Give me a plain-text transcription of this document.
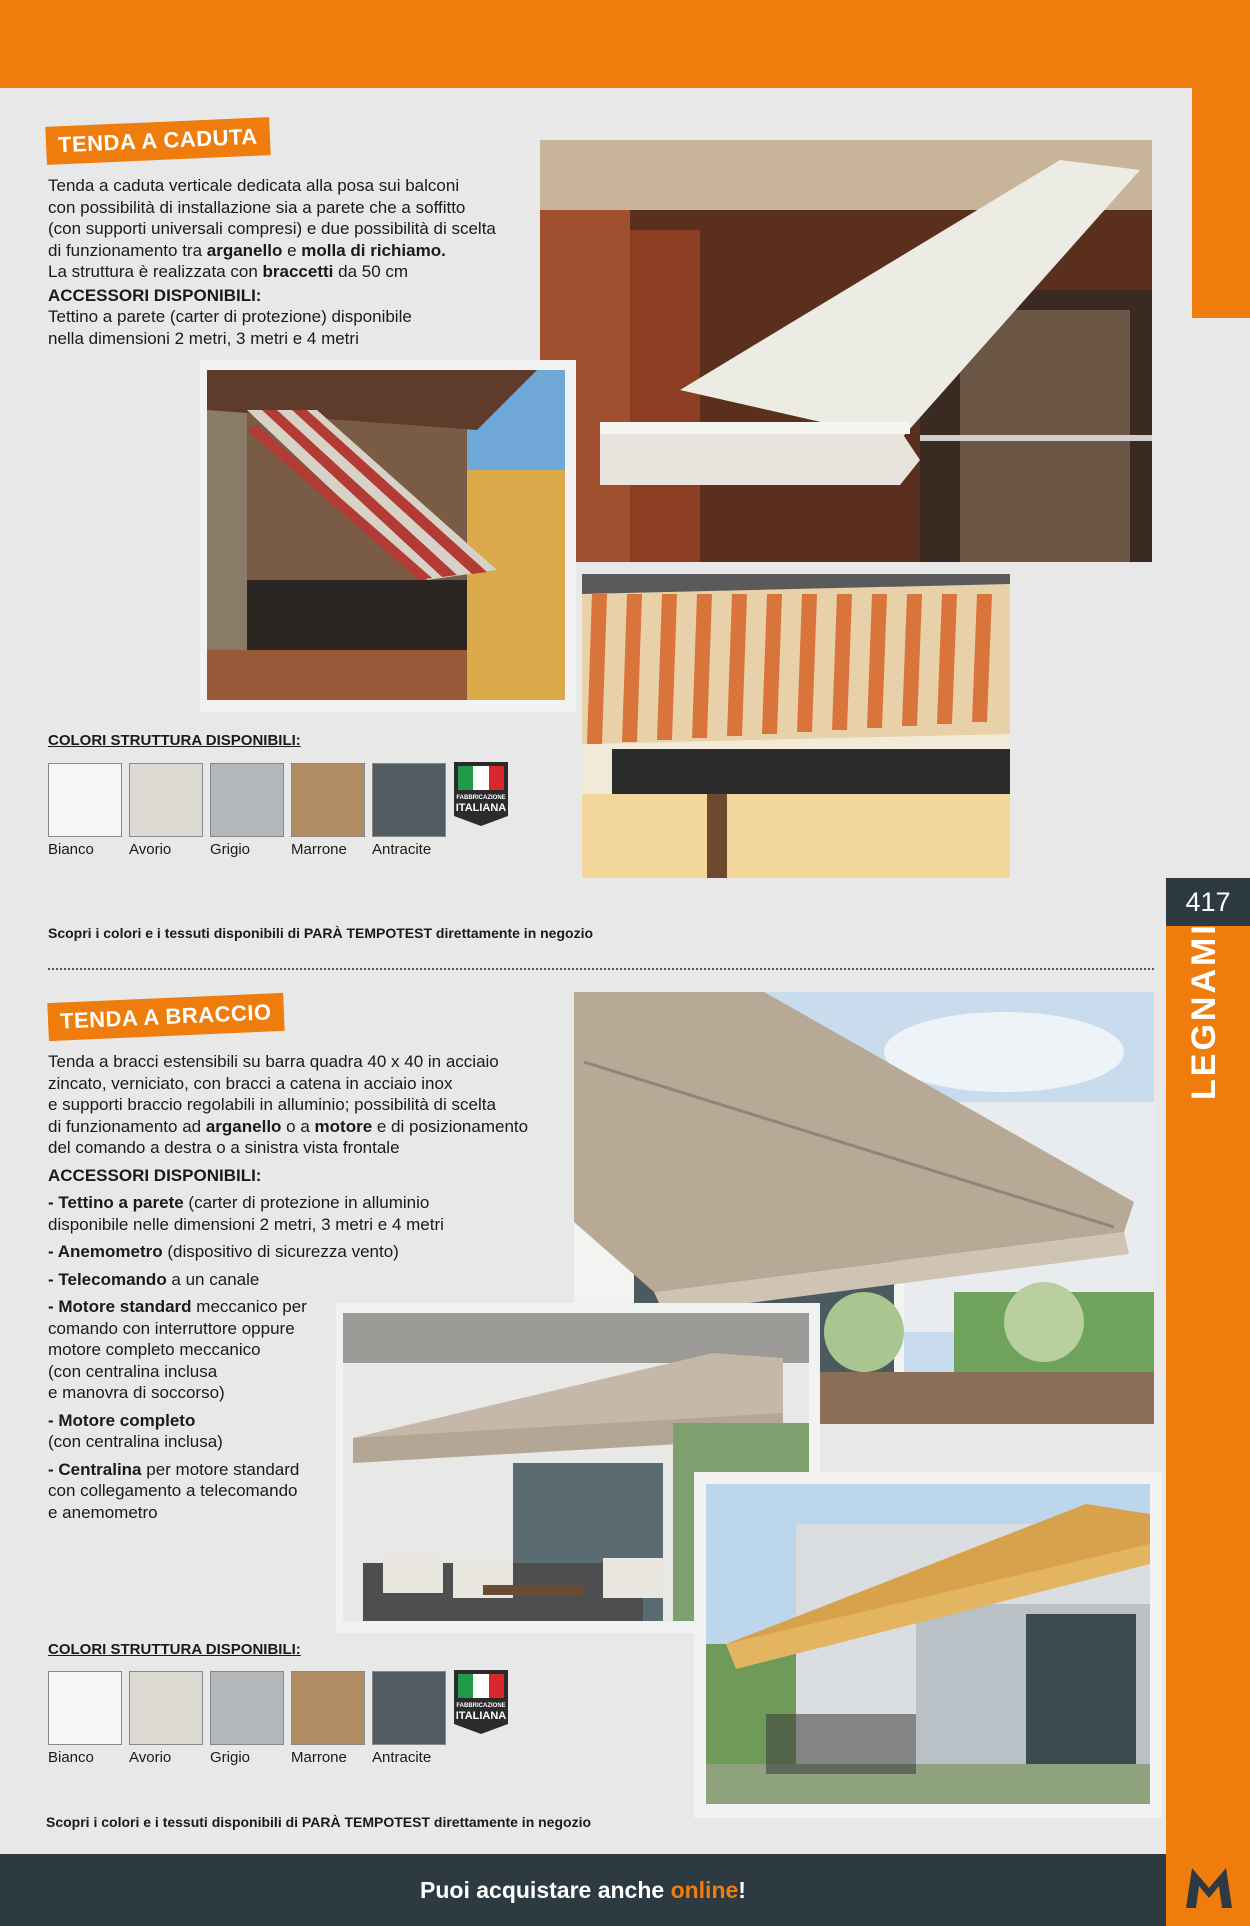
417
LEGNAMI
TENDA A CADUTA

Tenda a caduta verticale dedicata alla posa sui balconi

con possibilità di installazione sia a parete che a soffitto

(con supporti universali compresi) e due possibilità di scelta

di funzionamento tra arganello e molla di richiamo.

La struttura è realizzata con braccetti da 50 cm

ACCESSORI DISPONIBILI:

Tettino a parete (carter di protezione) disponibile

nella dimensioni 2 metri, 3 metri e 4 metri

COLORI STRUTTURA DISPONIBILI:
Bianco Avorio	Grigio	Marrone Antracite
FABBRICAZIONE
ITALIANA
Scopri i colori e i tessuti disponibili di PARÀ TEMPOTEST direttamente in negozio
TENDA A BRACCIO

Tenda a bracci estensibili su barra quadra 40 x 40 in acciaio

zincato, verniciato, con bracci a catena in acciaio inox

e supporti braccio regolabili in alluminio; possibilità di scelta

di funzionamento ad arganello o a motore e di posizionamento

del comando a destra o a sinistra vista frontale

ACCESSORI DISPONIBILI:

- Tettino a parete (carter di protezione in alluminio

disponibile nelle dimensioni 2 metri, 3 metri e 4 metri

- Anemometro (dispositivo di sicurezza vento)

- Telecomando a un canale

- Motore standard meccanico per

comando con interruttore oppure

motore completo meccanico

(con centralina inclusa

e manovra di soccorso)

- Motore completo

(con centralina inclusa)

- Centralina per motore standard

con collegamento a telecomando

e anemometro

COLORI STRUTTURA DISPONIBILI:
Bianco Avorio	Grigio	Marrone Antracite
FABBRICAZIONE
ITALIANA
Scopri i colori e i tessuti disponibili di PARÀ TEMPOTEST direttamente in negozio
Puoi acquistare anche online!
